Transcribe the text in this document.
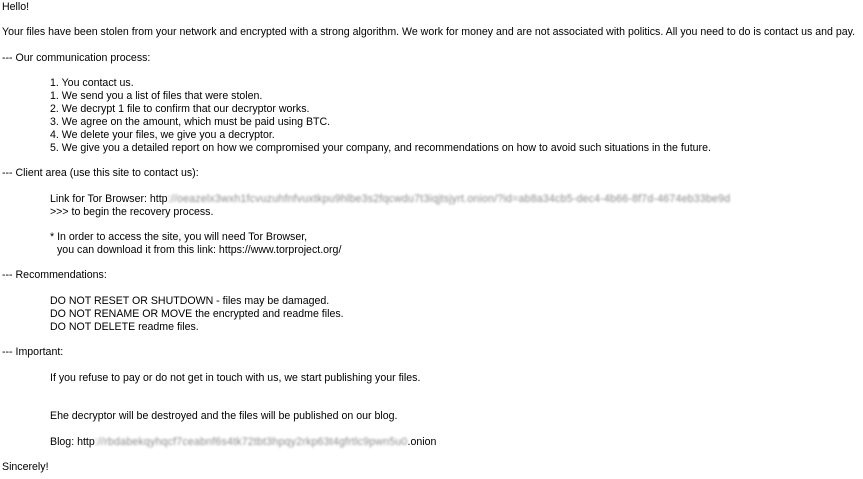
Hello!
Your files have been stolen from your network and encrypted with a strong algorithm. We work for money and are not associated with politics. All you need to do is contact us and pay.
--- Our communication process:
1. You contact us.
1. We send you a list of files that were stolen.
2. We decrypt 1 file to confirm that our decryptor works.
3. We agree on the amount, which must be paid using BTC.
4. We delete your files, we give you a decryptor.
5. We give you a detailed report on how we compromised your company, and recommendations on how to avoid such situations in the future.
--- Client area (use this site to contact us):
Link for Tor Browser: http://oeazelx3wxh1fcvuzuhfnfvuxtkpu9hlbe3s2fqcwdu7t3iqjtsjyrt.onion/?id=ab8a34cb5-dec4-4b66-8f7d-4674eb33be9d
>>> to begin the recovery process.
* In order to access the site, you will need Tor Browser,
you can download it from this link: https://www.torproject.org/
--- Recommendations:
DO NOT RESET OR SHUTDOWN - files may be damaged.
DO NOT RENAME OR MOVE the encrypted and readme files.
DO NOT DELETE readme files.
--- Important:
If you refuse to pay or do not get in touch with us, we start publishing your files.
Ehe decryptor will be destroyed and the files will be published on our blog.
Blog: http://rbdabekqyhqcf7ceabnf6s4tk72tbt3hpqy2rkp63t4gfrtlc9pwn5u0.onion
Sincerely!
